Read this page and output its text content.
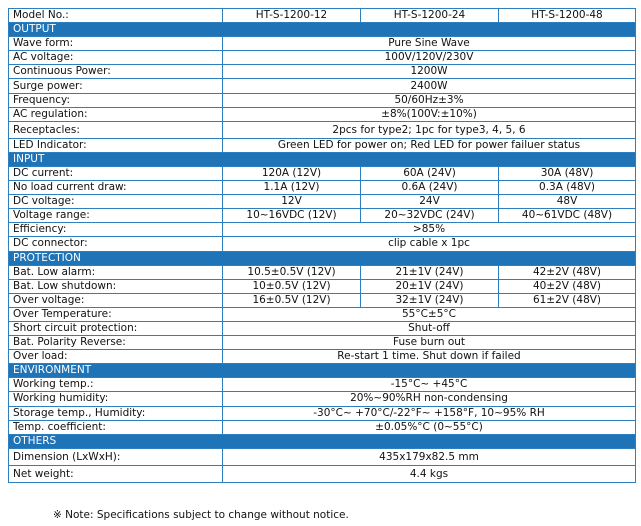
Model No.:	HT-S-1200-12	HT-S-1200-24	HT-S-1200-48
OUTPUT			
Wave form:	Pure Sine Wave		
AC voltage:	100V/120V/230V		
Continuous Power:	1200W		
Surge power:	2400W		
Frequency:	50/60Hz±3%		
AC regulation:	±8%(100V:±10%)		
Receptacles:	2pcs for type2; 1pc for type3, 4, 5, 6		
LED Indicator:	Green LED for power on; Red LED for power failuer status		
INPUT			
DC current:	120A (12V)	60A (24V)	30A (48V)
No load current draw:	1.1A (12V)	0.6A (24V)	0.3A (48V)
DC voltage:	12V	24V	48V
Voltage range:	10~16VDC (12V)	20~32VDC (24V)	40~61VDC (48V)
Efficiency:	>85%		
DC connector:	clip cable x 1pc		
PROTECTION			
Bat. Low alarm:	10.5±0.5V (12V)	21±1V (24V)	42±2V (48V)
Bat. Low shutdown:	10±0.5V (12V)	20±1V (24V)	40±2V (48V)
Over voltage:	16±0.5V (12V)	32±1V (24V)	61±2V (48V)
Over Temperature:	55°C±5°C		
Short circuit protection:	Shut-off		
Bat. Polarity Reverse:	Fuse burn out		
Over load:	Re-start 1 time. Shut down if failed		
ENVIRONMENT			
Working temp.:	-15°C~ +45°C		
Working humidity:	20%~90%RH non-condensing		
Storage temp., Humidity:	-30°C~ +70°C/-22°F~ +158°F, 10~95% RH		
Temp. coefficient:	±0.05%°C (0~55°C)		
OTHERS			
Dimension (LxWxH):	435x179x82.5 mm		
Net weight:	4.4 kgs		
※ Note: Specifications subject to change without notice.
